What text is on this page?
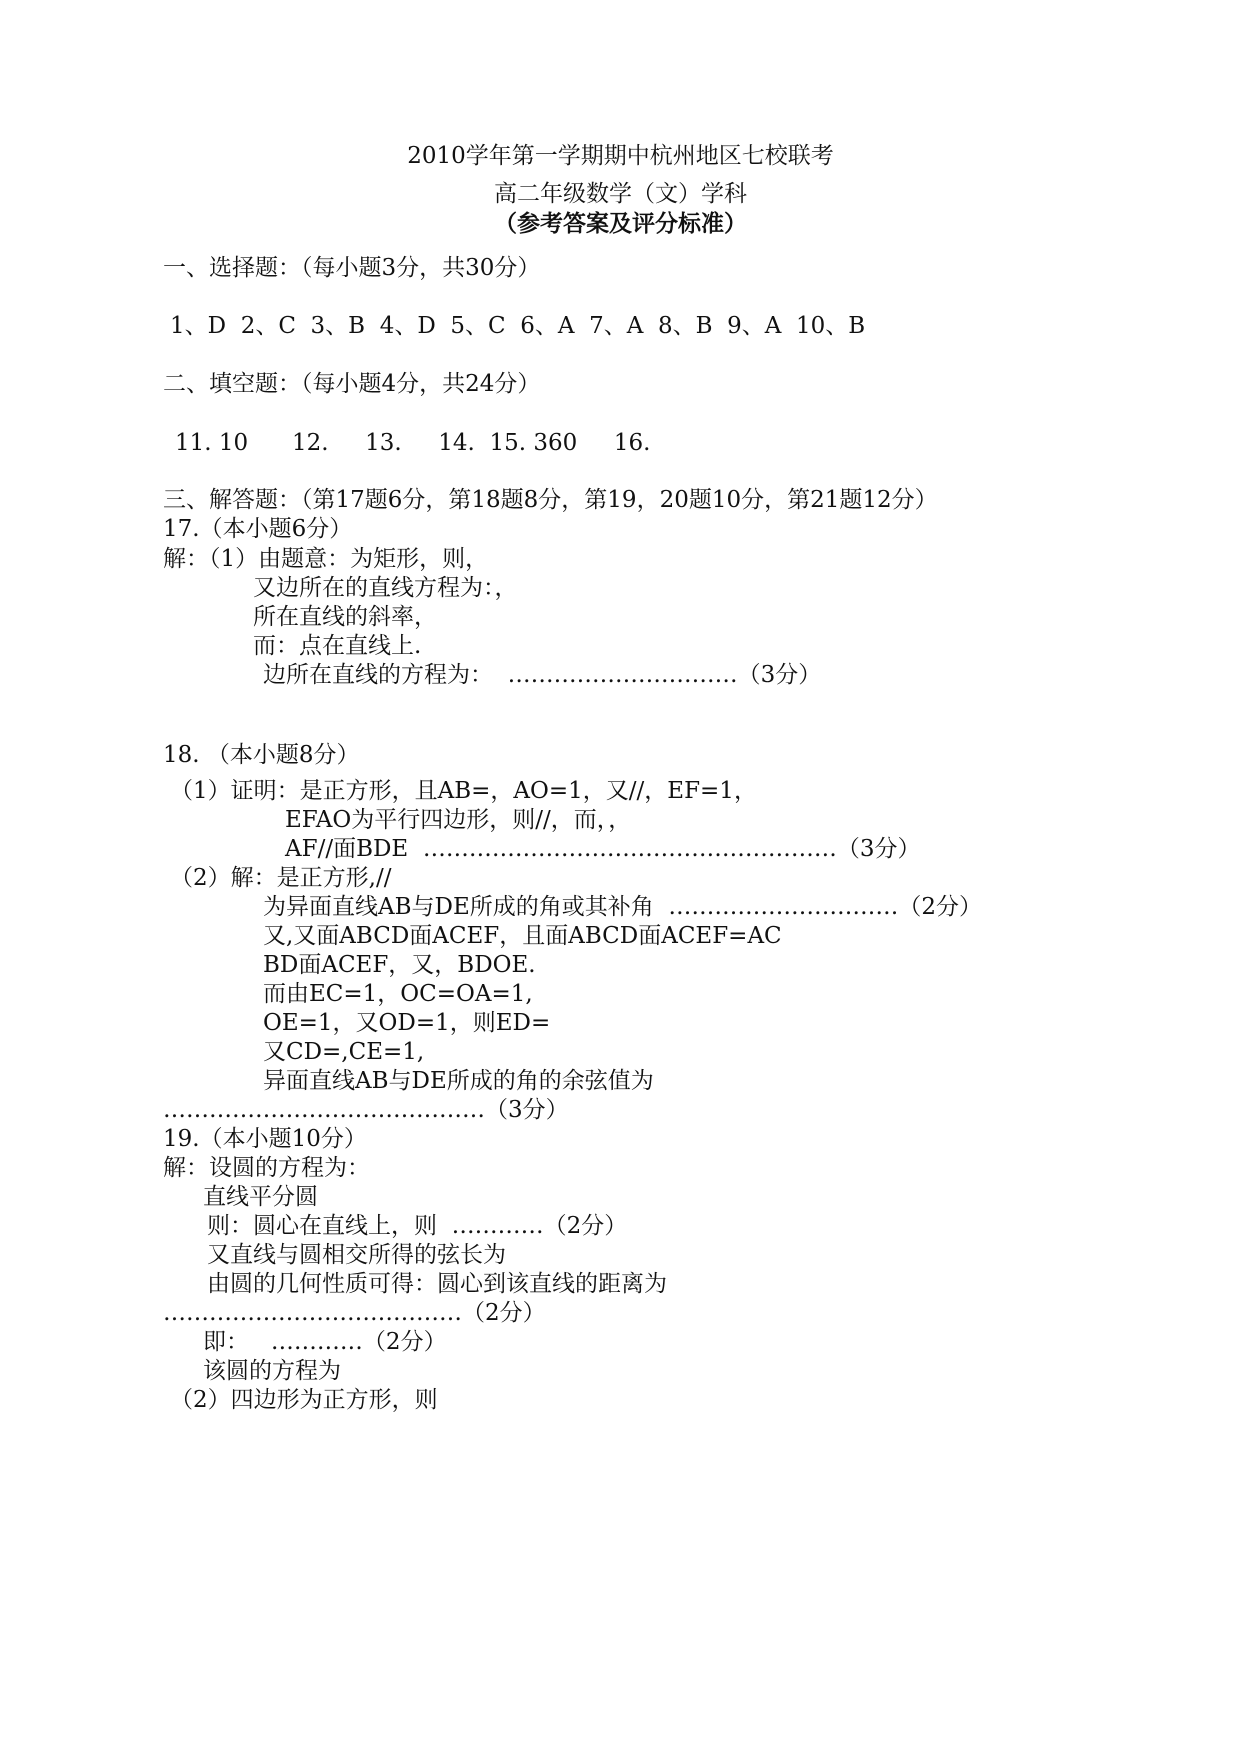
2010学年第一学期期中杭州地区七校联考
高二年级数学（文）学科
（参考答案及评分标准）
一、选择题：（每小题3分，共30分）
1、D  2、C  3、B  4、D  5、C  6、A  7、A  8、B  9、A  10、B
二、填空题：（每小题4分，共24分）
11. 10      12.     13.     14.  15. 360     16.
三、解答题：（第17题6分，第18题8分，第19，20题10分，第21题12分）
17.（本小题6分）
解：（1）由题意：为矩形，则，
又边所在的直线方程为：，
所在直线的斜率，
而：点在直线上.
边所在直线的方程为：  …………………………（3分）
18. （本小题8分）
（1）证明：是正方形，且AB=，AO=1，又//，EF=1，
EFAO为平行四边形，则//，而，，
AF//面BDE  ………………………………………………（3分）
（2）解：是正方形,//
为异面直线AB与DE所成的角或其补角  …………………………（2分）
又,又面ABCD面ACEF，且面ABCD面ACEF=AC
BD面ACEF，又，BDOE.
而由EC=1，OC=OA=1,
OE=1，又OD=1，则ED=
又CD=,CE=1,
异面直线AB与DE所成的角的余弦值为
……………………………………（3分）
19.（本小题10分）
解：设圆的方程为：
直线平分圆
则：圆心在直线上，则  …………（2分）
又直线与圆相交所得的弦长为
由圆的几何性质可得：圆心到该直线的距离为
…………………………………（2分）
即：   …………（2分）
该圆的方程为
（2）四边形为正方形，则
